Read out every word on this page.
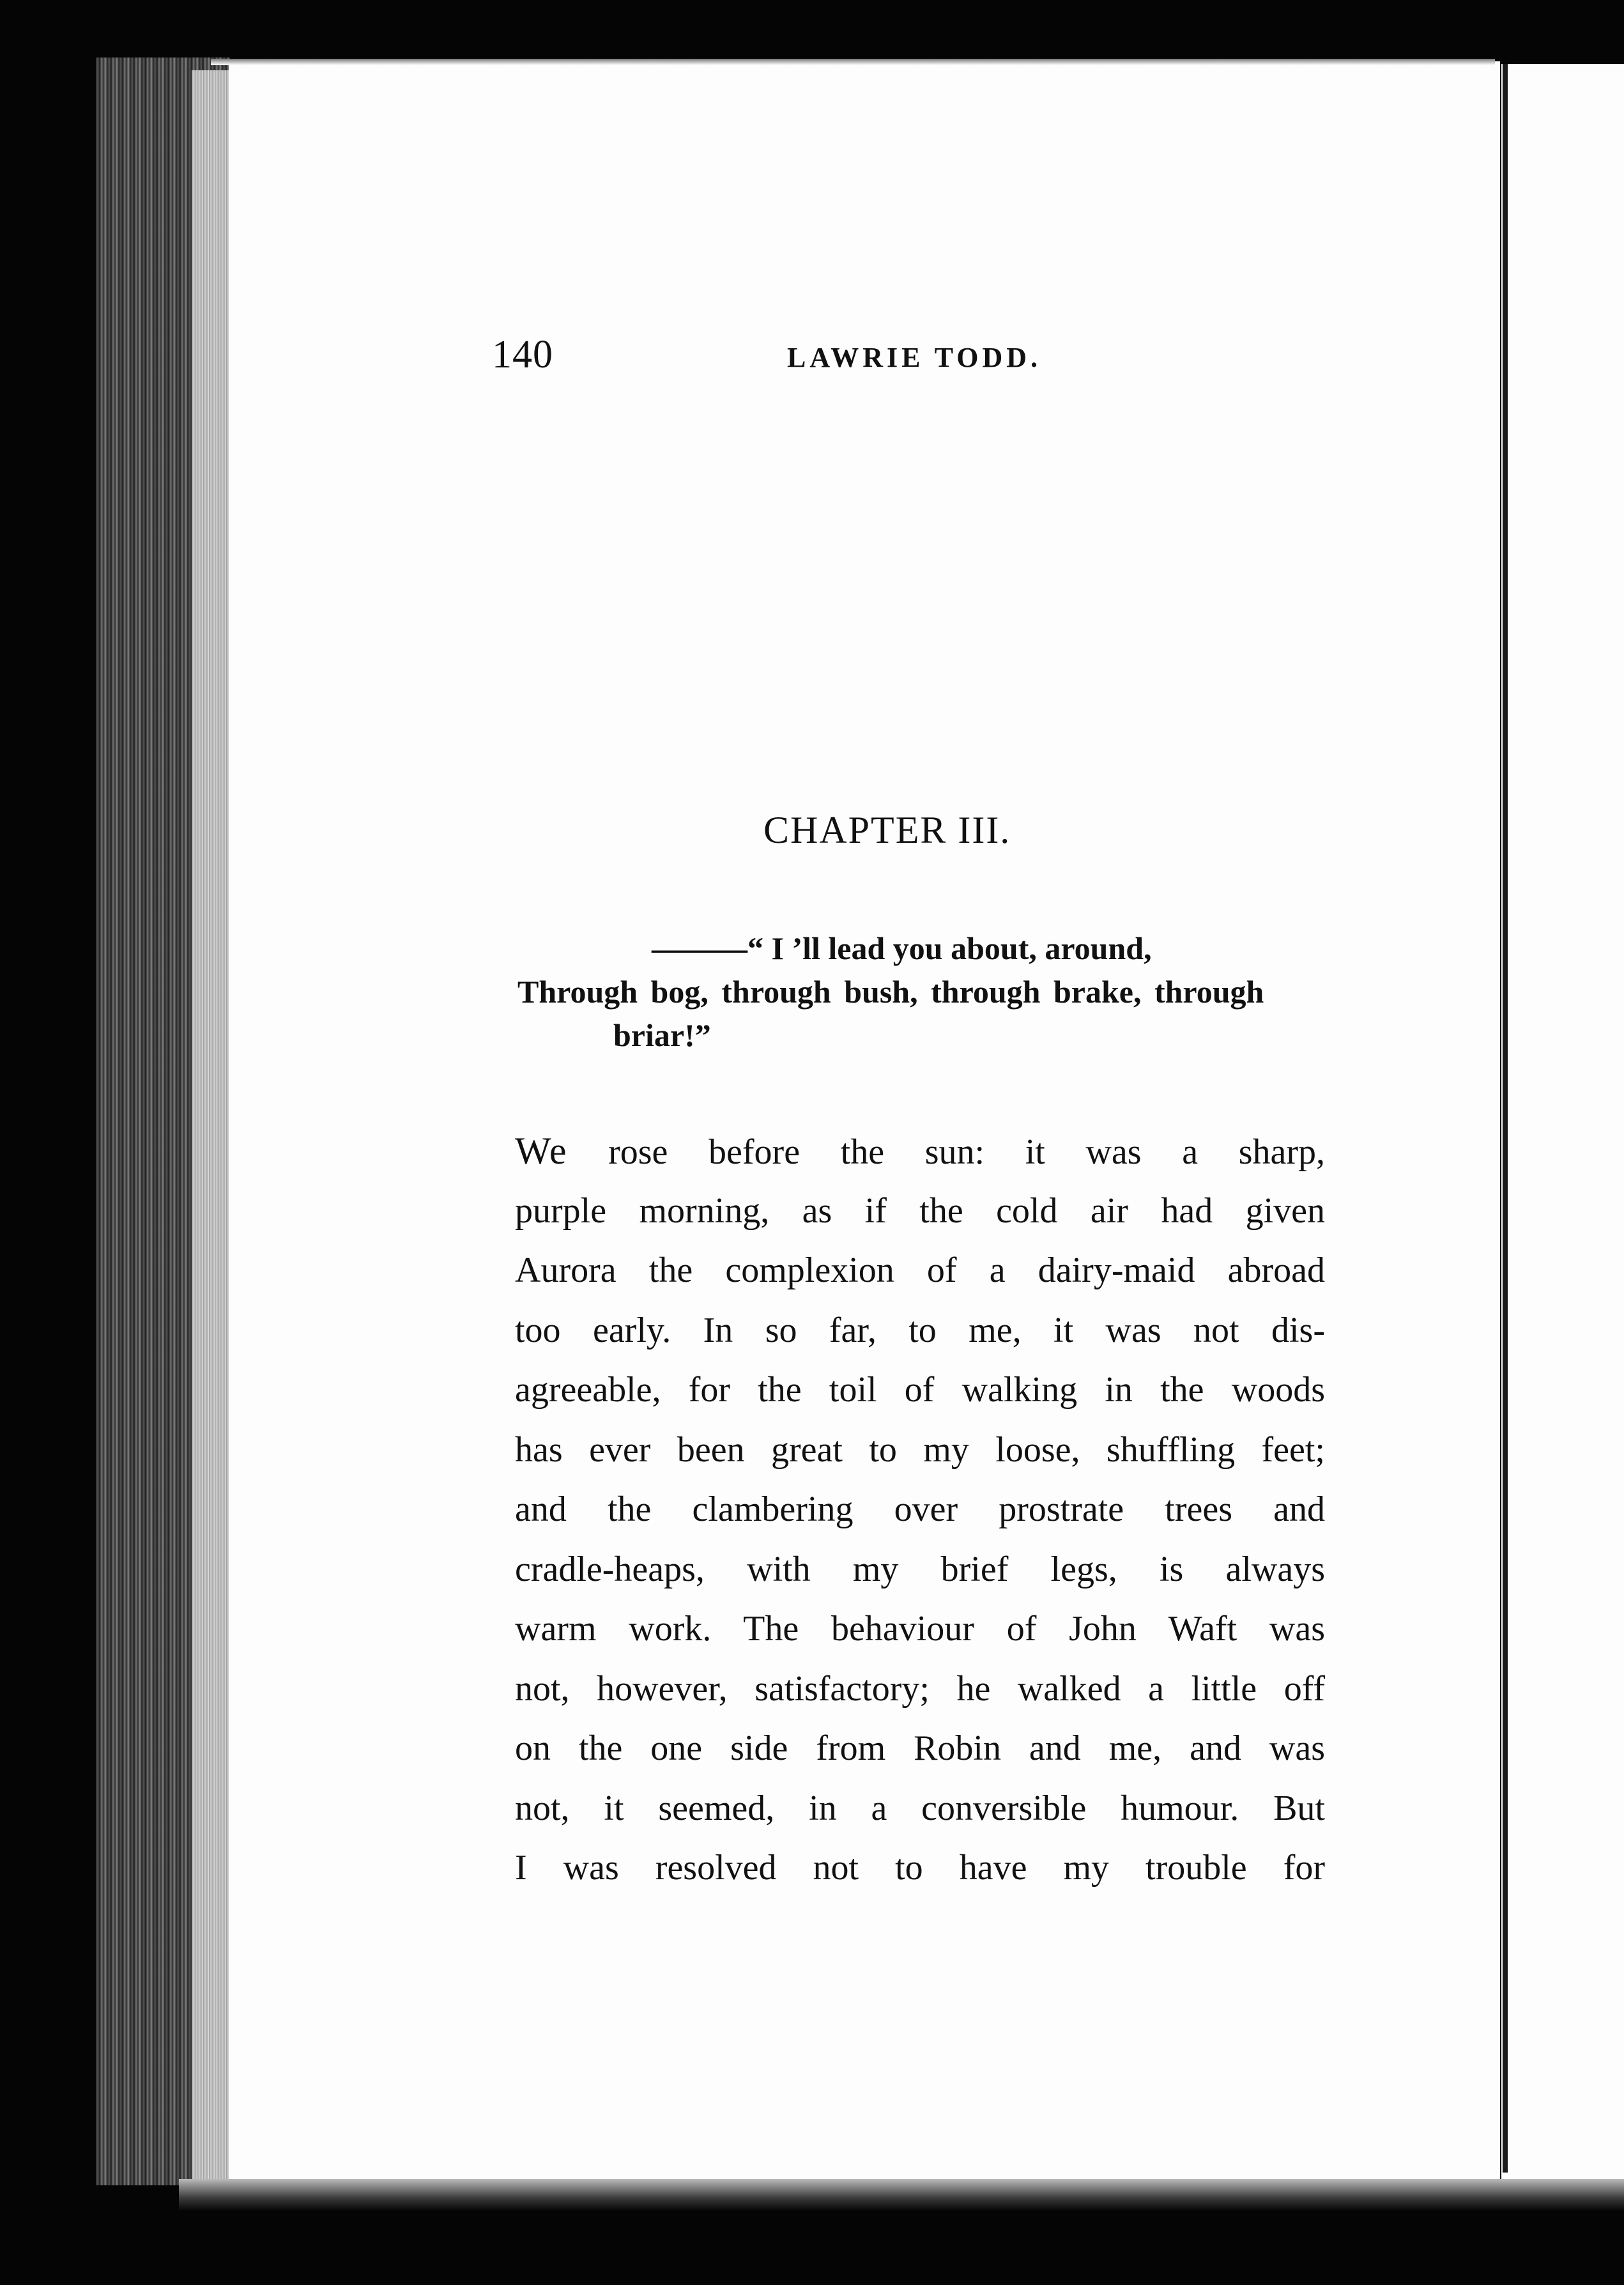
140	LAWRIE TODD.
CHAPTER III.
———“ I ’ll lead you about, around,
Through bog, through bush, through brake, through
briar!”
We rose before the sun: it was a sharp,
purple morning, as if the cold air had given
Aurora the complexion of a dairy-maid abroad
too early. In so far, to me, it was not dis-
agreeable, for the toil of walking in the woods
has ever been great to my loose, shuffling feet;
and the clambering over prostrate trees and
cradle-heaps, with my brief legs, is always
warm work. The behaviour of John Waft was
not, however, satisfactory; he walked a little off
on the one side from Robin and me, and was
not, it seemed, in a conversible humour. But
I was resolved not to have my trouble for
